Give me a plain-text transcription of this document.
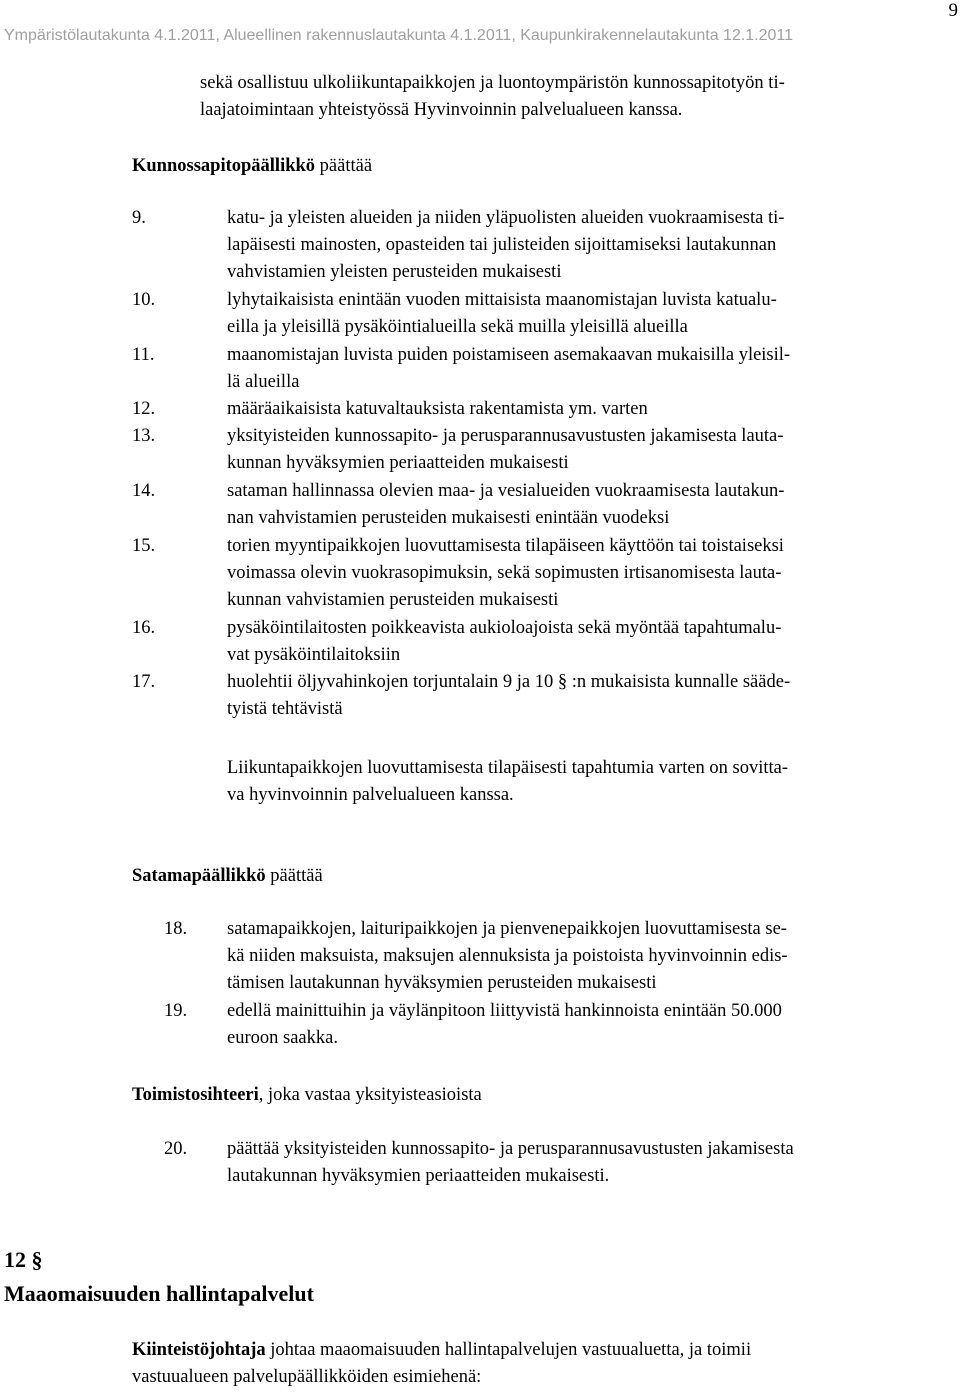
Ympäristölautakunta 4.1.2011, Alueellinen rakennuslautakunta 4.1.2011, Kaupunkirakennelautakunta 12.1.2011
9
sekä osallistuu ulkoliikuntapaikkojen ja luontoympäristön kunnossapitotyön ti-
laajatoimintaan yhteistyössä Hyvinvoinnin palvelualueen kanssa.
Kunnossapitopäällikkö päättää
9.	katu- ja yleisten alueiden ja niiden yläpuolisten alueiden vuokraamisesta ti-
lapäisesti mainosten, opasteiden tai julisteiden sijoittamiseksi lautakunnan
vahvistamien yleisten perusteiden mukaisesti
10.	lyhytaikaisista enintään vuoden mittaisista maanomistajan luvista katualu-
eilla ja yleisillä pysäköintialueilla sekä muilla yleisillä alueilla
11.	maanomistajan luvista puiden poistamiseen asemakaavan mukaisilla yleisil-
lä alueilla
12.	määräaikaisista katuvaltauksista rakentamista ym. varten
13.	yksityisteiden kunnossapito- ja perusparannusavustusten jakamisesta lauta-
kunnan hyväksymien periaatteiden mukaisesti
14.	sataman hallinnassa olevien maa- ja vesialueiden vuokraamisesta lautakun-
nan vahvistamien perusteiden mukaisesti enintään vuodeksi
15.	torien myyntipaikkojen luovuttamisesta tilapäiseen käyttöön tai toistaiseksi
voimassa olevin vuokrasopimuksin, sekä sopimusten irtisanomisesta lauta-
kunnan vahvistamien perusteiden mukaisesti
16.	pysäköintilaitosten poikkeavista aukioloajoista sekä myöntää tapahtumalu-
vat pysäköintilaitoksiin
17.	huolehtii öljyvahinkojen torjuntalain 9 ja 10 § :n mukaisista kunnalle sääde-
tyistä tehtävistä
Liikuntapaikkojen luovuttamisesta tilapäisesti tapahtumia varten on sovitta-
va hyvinvoinnin palvelualueen kanssa.
Satamapäällikkö päättää
18. satamapaikkojen, laituripaikkojen ja pienvenepaikkojen luovuttamisesta se-
kä niiden maksuista, maksujen alennuksista ja poistoista hyvinvoinnin edis-
tämisen lautakunnan hyväksymien perusteiden mukaisesti
19. edellä mainittuihin ja väylänpitoon liittyvistä hankinnoista enintään 50.000
euroon saakka.
Toimistosihteeri, joka vastaa yksityisteasioista
20. päättää yksityisteiden kunnossapito- ja perusparannusavustusten jakamisesta
lautakunnan hyväksymien periaatteiden mukaisesti.
12 §
Maaomaisuuden hallintapalvelut
Kiinteistöjohtaja johtaa maaomaisuuden hallintapalvelujen vastuualuetta, ja toimii
vastuualueen palvelupäällikköiden esimiehenä:
